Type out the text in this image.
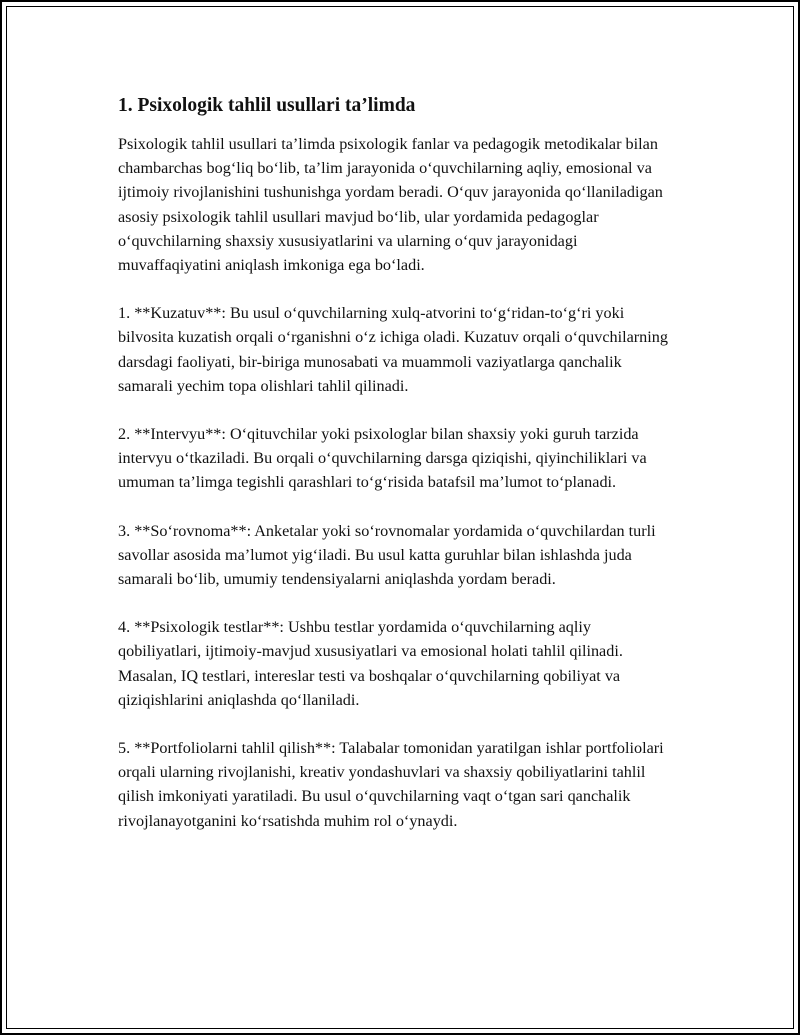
1. Psixologik tahlil usullari ta’limda

Psixologik tahlil usullari ta’limda psixologik fanlar va pedagogik metodikalar bilan chambarchas bog‘liq bo‘lib, ta’lim jarayonida o‘quvchilarning aqliy, emosional va ijtimoiy rivojlanishini tushunishga yordam beradi. O‘quv jarayonida qo‘llaniladigan asosiy psixologik tahlil usullari mavjud bo‘lib, ular yordamida pedagoglar o‘quvchilarning shaxsiy xususiyatlarini va ularning o‘quv jarayonidagi muvaffaqiyatini aniqlash imkoniga ega bo‘ladi.

1. **Kuzatuv**: Bu usul o‘quvchilarning xulq-atvorini to‘g‘ridan-to‘g‘ri yoki bilvosita kuzatish orqali o‘rganishni o‘z ichiga oladi. Kuzatuv orqali o‘quvchilarning darsdagi faoliyati, bir-biriga munosabati va muammoli vaziyatlarga qanchalik samarali yechim topa olishlari tahlil qilinadi.

2. **Intervyu**: O‘qituvchilar yoki psixologlar bilan shaxsiy yoki guruh tarzida intervyu o‘tkaziladi. Bu orqali o‘quvchilarning darsga qiziqishi, qiyinchiliklari va umuman ta’limga tegishli qarashlari to‘g‘risida batafsil ma’lumot to‘planadi.

3. **So‘rovnoma**: Anketalar yoki so‘rovnomalar yordamida o‘quvchilardan turli savollar asosida ma’lumot yig‘iladi. Bu usul katta guruhlar bilan ishlashda juda samarali bo‘lib, umumiy tendensiyalarni aniqlashda yordam beradi.

4. **Psixologik testlar**: Ushbu testlar yordamida o‘quvchilarning aqliy qobiliyatlari, ijtimoiy-mavjud xususiyatlari va emosional holati tahlil qilinadi. Masalan, IQ testlari, intereslar testi va boshqalar o‘quvchilarning qobiliyat va qiziqishlarini aniqlashda qo‘llaniladi.

5. **Portfoliolarni tahlil qilish**: Talabalar tomonidan yaratilgan ishlar portfoliolari orqali ularning rivojlanishi, kreativ yondashuvlari va shaxsiy qobiliyatlarini tahlil qilish imkoniyati yaratiladi. Bu usul o‘quvchilarning vaqt o‘tgan sari qanchalik rivojlanayotganini ko‘rsatishda muhim rol o‘ynaydi.
